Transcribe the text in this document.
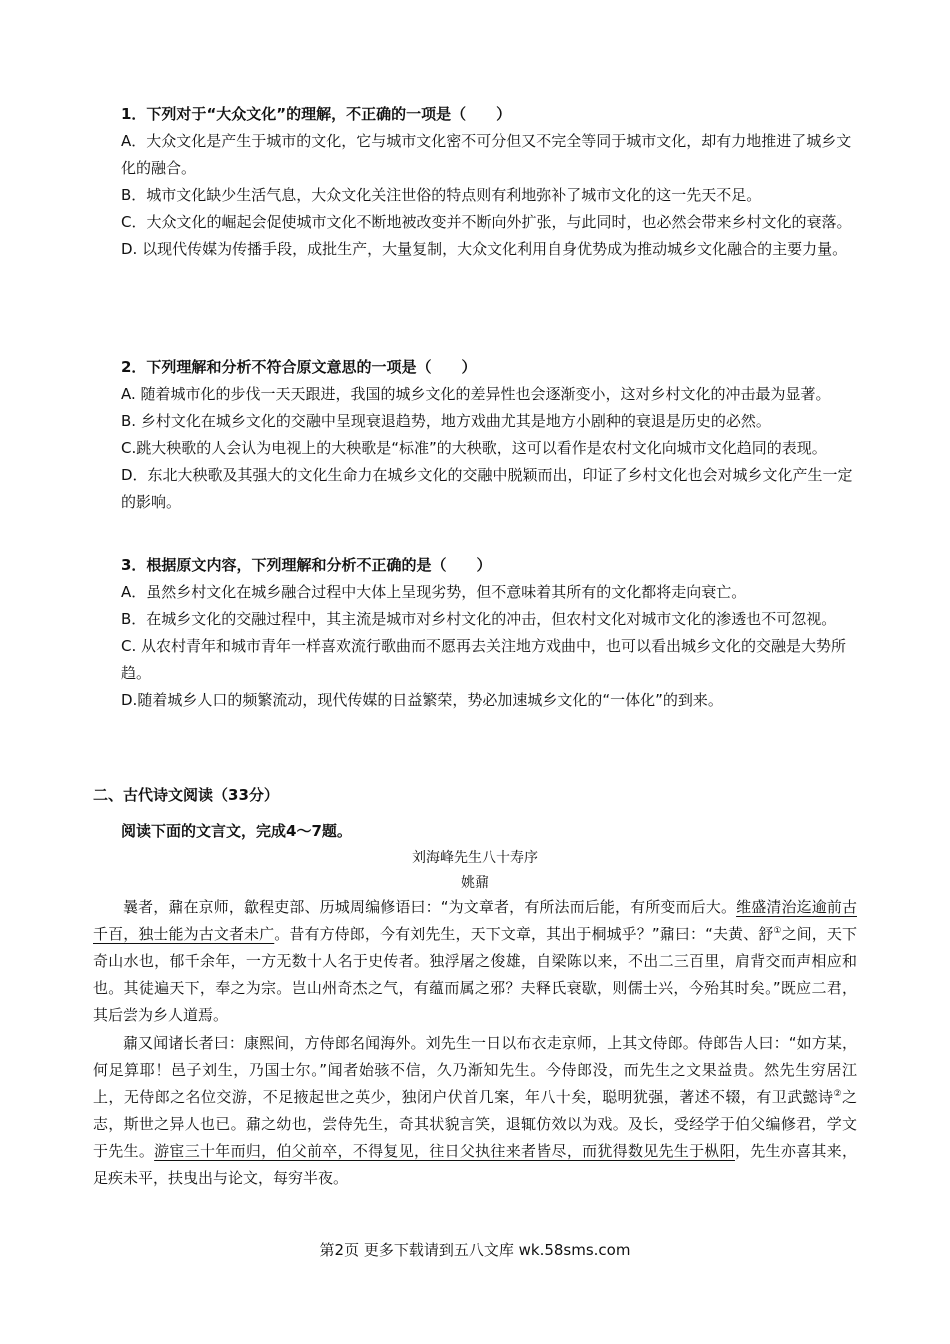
1．下列对于“大众文化”的理解，不正确的一项是（　　）
A．大众文化是产生于城市的文化，它与城市文化密不可分但又不完全等同于城市文化，却有力地推进了城乡文化的融合。
B．城市文化缺少生活气息，大众文化关注世俗的特点则有利地弥补了城市文化的这一先天不足。
C．大众文化的崛起会促使城市文化不断地被改变并不断向外扩张，与此同时，也必然会带来乡村文化的衰落。
D. 以现代传媒为传播手段，成批生产，大量复制，大众文化利用自身优势成为推动城乡文化融合的主要力量。
2．下列理解和分析不符合原文意思的一项是（　　）
A. 随着城市化的步伐一天天跟进，我国的城乡文化的差异性也会逐渐变小，这对乡村文化的冲击最为显著。
B. 乡村文化在城乡文化的交融中呈现衰退趋势，地方戏曲尤其是地方小剧种的衰退是历史的必然。
C.跳大秧歌的人会认为电视上的大秧歌是“标准”的大秧歌，这可以看作是农村文化向城市文化趋同的表现。
D．东北大秧歌及其强大的文化生命力在城乡文化的交融中脱颖而出，印证了乡村文化也会对城乡文化产生一定的影响。
3．根据原文内容，下列理解和分析不正确的是（　　）
A．虽然乡村文化在城乡融合过程中大体上呈现劣势，但不意味着其所有的文化都将走向衰亡。
B．在城乡文化的交融过程中，其主流是城市对乡村文化的冲击，但农村文化对城市文化的渗透也不可忽视。
C. 从农村青年和城市青年一样喜欢流行歌曲而不愿再去关注地方戏曲中，也可以看出城乡文化的交融是大势所趋。
D.随着城乡人口的频繁流动，现代传媒的日益繁荣，势必加速城乡文化的“一体化”的到来。
二、古代诗文阅读（33分）
阅读下面的文言文，完成4～7题。
刘海峰先生八十寿序
姚鼐
曩者，鼐在京师，歙程吏部、历城周编修语曰：“为文章者，有所法而后能，有所变而后大。维盛清治迄逾前古千百，独士能为古文者未广。昔有方侍郎，今有刘先生，天下文章，其出于桐城乎？”鼐曰：“夫黄、舒①之间，天下奇山水也，郁千余年，一方无数十人名于史传者。独浮屠之俊雄，自梁陈以来，不出二三百里，肩背交而声相应和也。其徒遍天下，奉之为宗。岂山州奇杰之气，有蕴而属之邪？夫释氏衰歇，则儒士兴，今殆其时矣。”既应二君，其后尝为乡人道焉。
鼐又闻诸长者曰：康熙间，方侍郎名闻海外。刘先生一日以布衣走京师，上其文侍郎。侍郎告人曰：“如方某，何足算耶！邑子刘生，乃国士尔。”闻者始骇不信，久乃渐知先生。今侍郎没，而先生之文果益贵。然先生穷居江上，无侍郎之名位交游，不足掖起世之英少，独闭户伏首几案，年八十矣，聪明犹强，著述不辍，有卫武懿诗②之志，斯世之异人也已。鼐之幼也，尝侍先生，奇其状貌言笑，退辄仿效以为戏。及长，受经学于伯父编修君，学文于先生。游宦三十年而归，伯父前卒，不得复见，往日父执往来者皆尽，而犹得数见先生于枞阳，先生亦喜其来，足疾未平，扶曳出与论文，每穷半夜。
第2页 更多下载请到五八文库 wk.58sms.com
